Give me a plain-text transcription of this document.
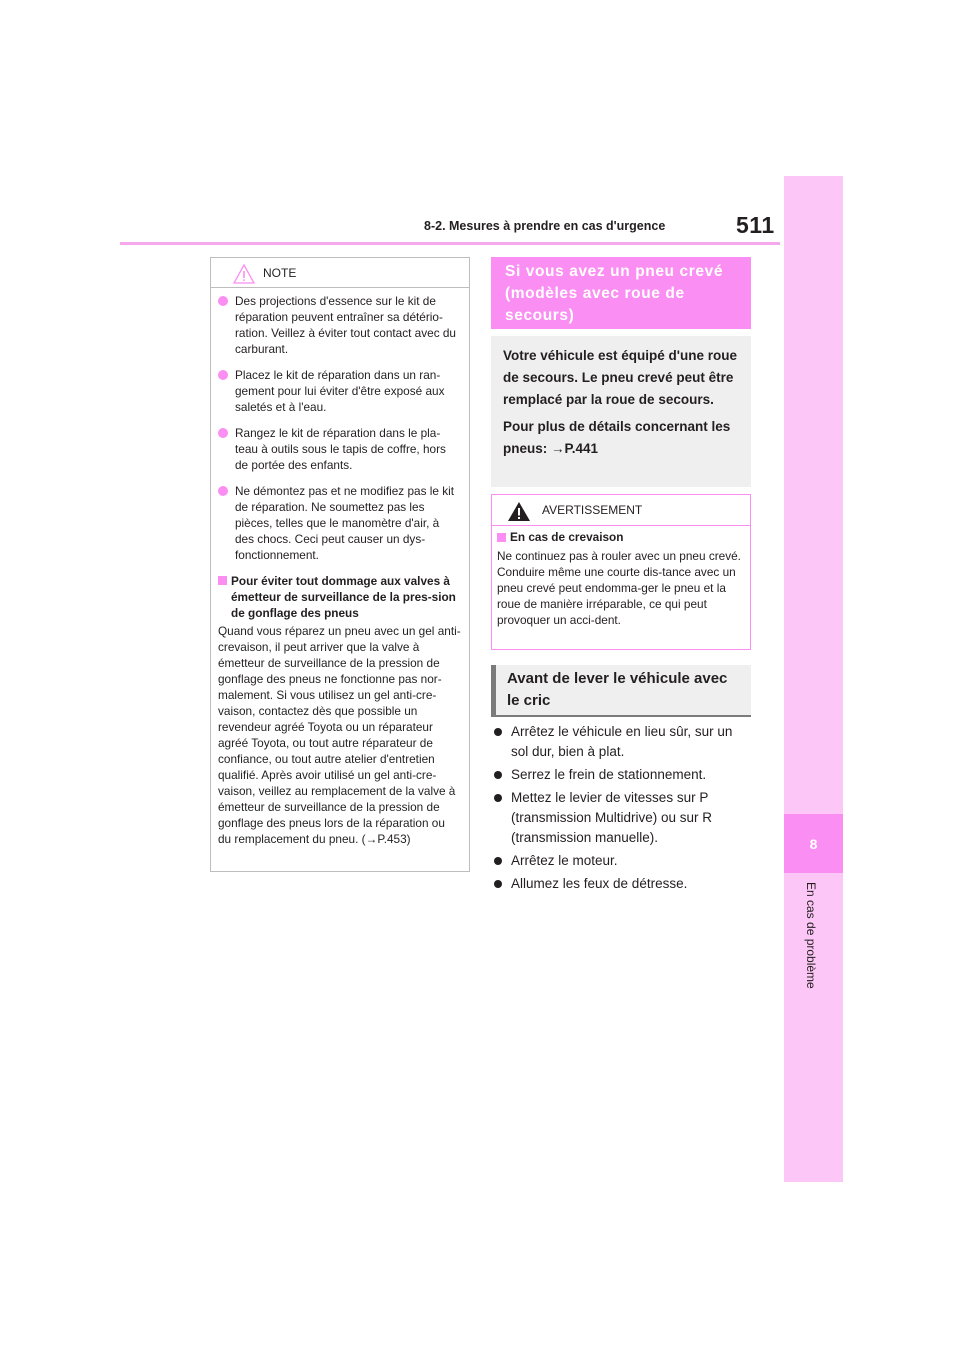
511
8-2. Mesures à prendre en cas d'urgence
8
En cas de problème
NOTE
Des projections d'essence sur le kit de réparation peuvent entraîner sa détério-ration. Veillez à éviter tout contact avec du carburant.
Placez le kit de réparation dans un ran-gement pour lui éviter d'être exposé aux saletés et à l'eau.
Rangez le kit de réparation dans le pla-teau à outils sous le tapis de coffre, hors de portée des enfants.
Ne démontez pas et ne modifiez pas le kit de réparation. Ne soumettez pas les pièces, telles que le manomètre d'air, à des chocs. Ceci peut causer un dys-fonctionnement.
Pour éviter tout dommage aux valves à émetteur de surveillance de la pres-sion de gonflage des pneus
Quand vous réparez un pneu avec un gel anti-crevaison, il peut arriver que la valve à émetteur de surveillance de la pression de gonflage des pneus ne fonctionne pas nor-malement. Si vous utilisez un gel anti-cre-vaison, contactez dès que possible un revendeur agréé Toyota ou un réparateur agréé Toyota, ou tout autre réparateur de confiance, ou tout autre atelier d'entretien qualifié. Après avoir utilisé un gel anti-cre-vaison, veillez au remplacement de la valve à émetteur de surveillance de la pression de gonflage des pneus lors de la réparation ou du remplacement du pneu. (→P.453)
Si vous avez un pneu crevé (modèles avec roue de secours)

Votre véhicule est équipé d'une roue de secours. Le pneu crevé peut être remplacé par la roue de secours.

Pour plus de détails concernant les pneus: →P.441

AVERTISSEMENT
En cas de crevaison
Ne continuez pas à rouler avec un pneu crevé. Conduire même une courte dis-tance avec un pneu crevé peut endomma-ger le pneu et la roue de manière irréparable, ce qui peut provoquer un acci-dent.
Avant de lever le véhicule avec le cric
Arrêtez le véhicule en lieu sûr, sur un sol dur, bien à plat.
Serrez le frein de stationnement.
Mettez le levier de vitesses sur P (transmission Multidrive) ou sur R (transmission manuelle).
Arrêtez le moteur.
Allumez les feux de détresse.
